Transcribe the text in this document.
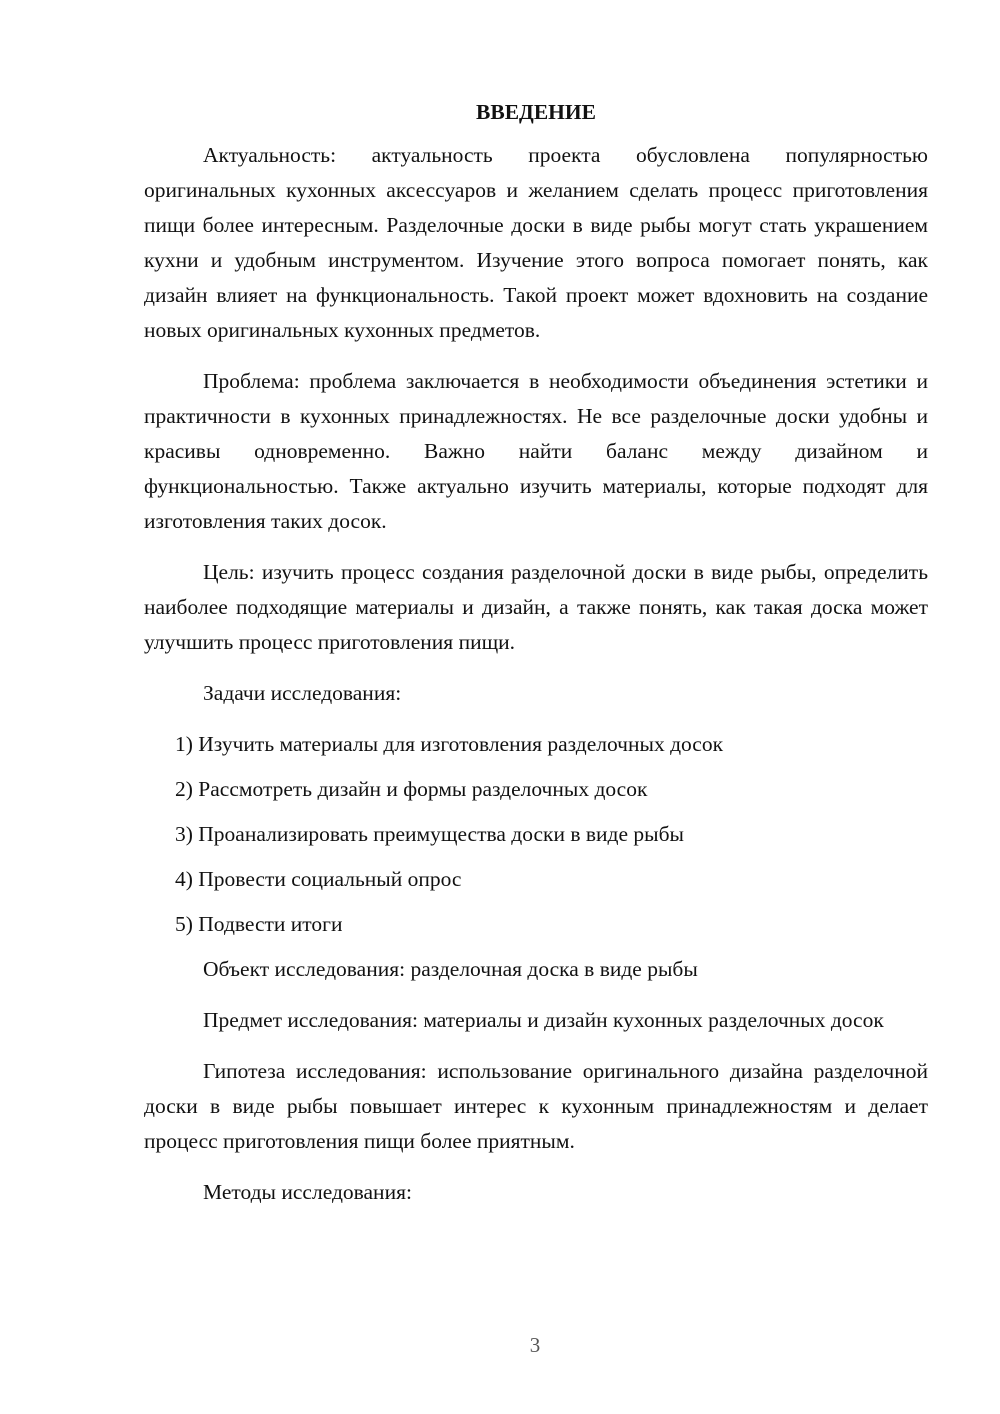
ВВЕДЕНИЕ

Актуальность: актуальность проекта обусловлена популярностью оригинальных кухонных аксессуаров и желанием сделать процесс приготовления пищи более интересным. Разделочные доски в виде рыбы могут стать украшением кухни и удобным инструментом. Изучение этого вопроса помогает понять, как дизайн влияет на функциональность. Такой проект может вдохновить на создание новых оригинальных кухонных предметов.

Проблема: проблема заключается в необходимости объединения эстетики и практичности в кухонных принадлежностях. Не все разделочные доски удобны и красивы одновременно. Важно найти баланс между дизайном и функциональностью. Также актуально изучить материалы, которые подходят для изготовления таких досок.

Цель: изучить процесс создания разделочной доски в виде рыбы, определить наиболее подходящие материалы и дизайн, а также понять, как такая доска может улучшить процесс приготовления пищи.

Задачи исследования:

1) Изучить материалы для изготовления разделочных досок
2) Рассмотреть дизайн и формы разделочных досок
3) Проанализировать преимущества доски в виде рыбы
4) Провести социальный опрос
5) Подвести итоги

Объект исследования: разделочная доска в виде рыбы

Предмет исследования: материалы и дизайн кухонных разделочных досок

Гипотеза исследования: использование оригинального дизайна разделочной доски в виде рыбы повышает интерес к кухонным принадлежностям и делает процесс приготовления пищи более приятным.

Методы исследования:

3
